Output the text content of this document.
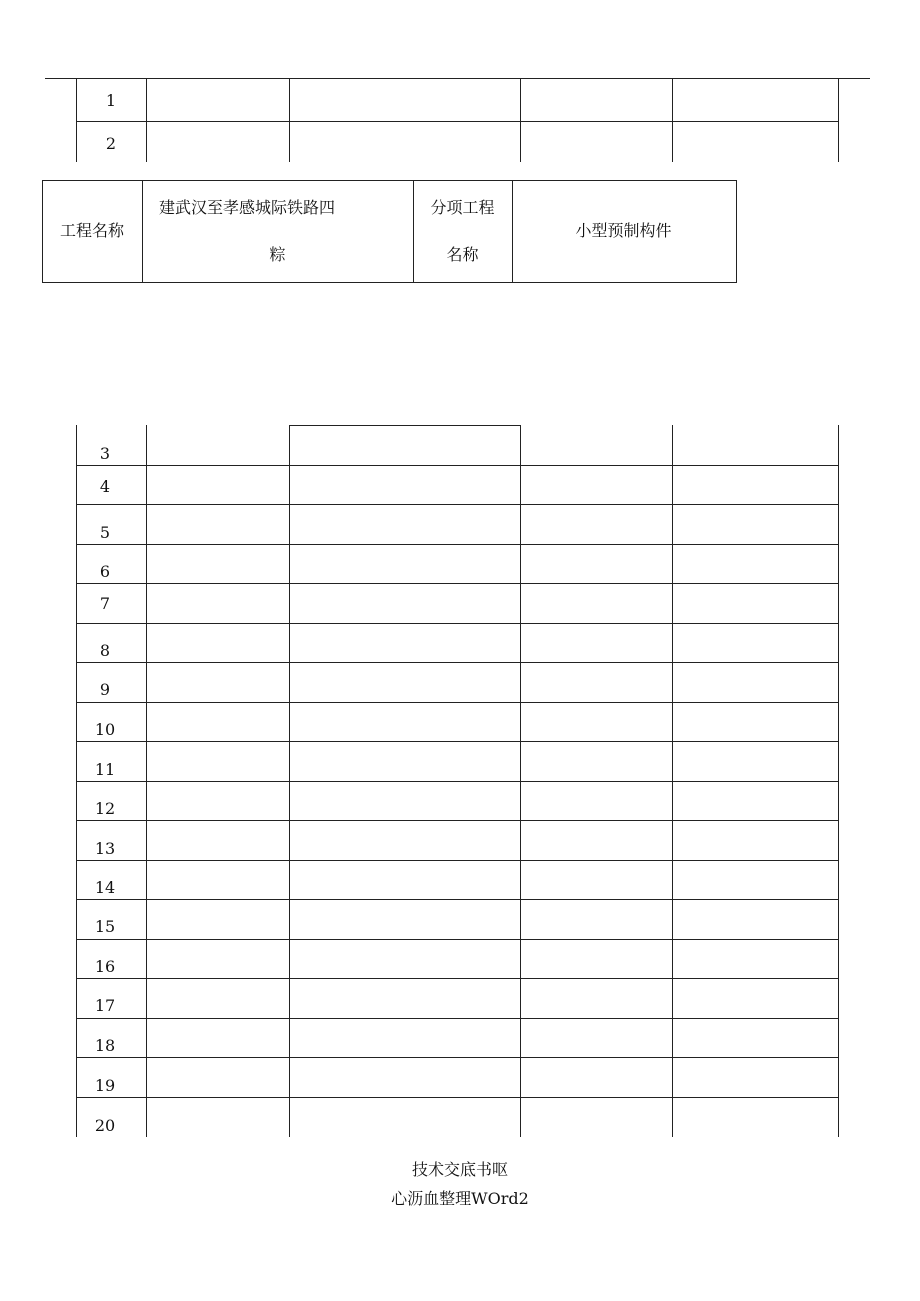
1
2
工程名称
建武汉至孝感城际铁路四
粽
分项工程
名称
小型预制构件
3
4
5
6
7
8
9
10
11
12
13
14
15
16
17
18
19
20
技术交底书呕
心沥血整理WOrd2
